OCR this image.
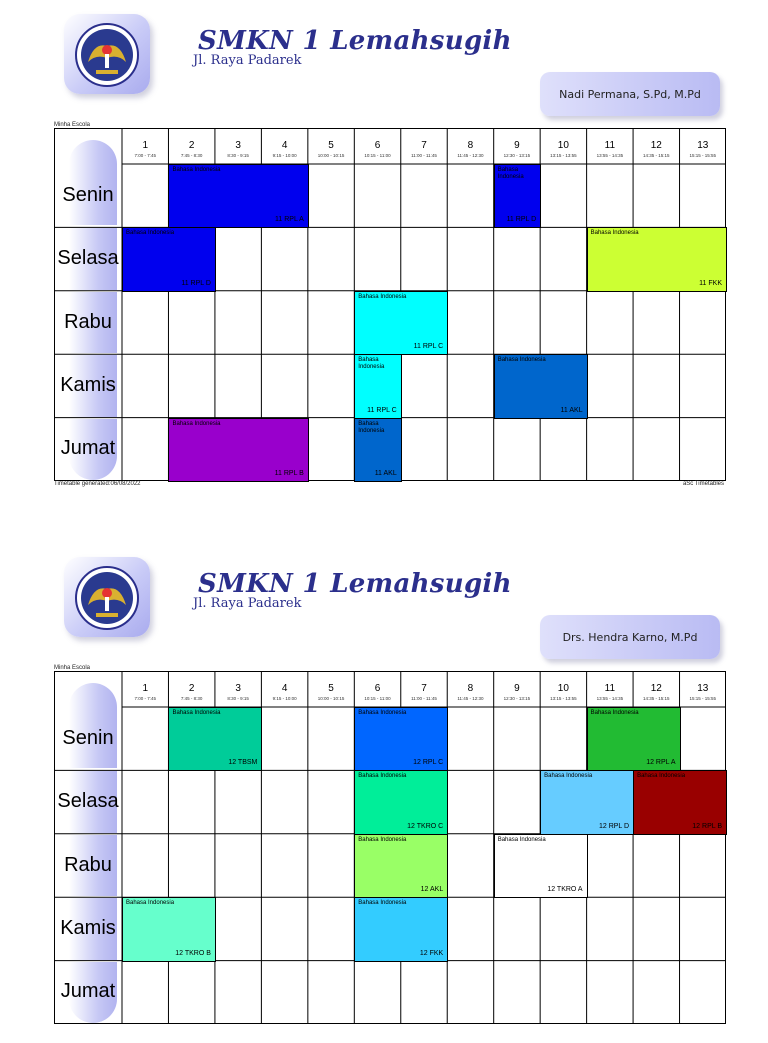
SMKN 1 Lemahsugih
Jl. Raya Padarek
Nadi Permana, S.Pd, M.Pd
Minha Escola
Senin
Selasa
Rabu
Kamis
Jumat
1
7:00 - 7:45
2
7:45 - 8:30
3
8:30 - 9:15
4
9:15 - 10:00
5
10:00 - 10:15
6
10:15 - 11:00
7
11:00 - 11:45
8
11:45 - 12:30
9
12:30 - 13:15
10
13:15 - 13:55
11
13:55 - 14:35
12
14:35 - 15:15
13
15:15 - 15:55
Bahasa Indonesia
11 RPL A
Bahasa Indonesia
11 RPL D
Bahasa Indonesia
11 RPL D
Bahasa Indonesia
11 FKK
Bahasa Indonesia
11 RPL C
Bahasa Indonesia
11 RPL C
Bahasa Indonesia
11 AKL
Bahasa Indonesia
11 RPL B
Bahasa Indonesia
11 AKL
Timetable generated:06/08/2022	aSc Timetables
SMKN 1 Lemahsugih
Jl. Raya Padarek
Drs. Hendra Karno, M.Pd
Minha Escola
Senin
Selasa
Rabu
Kamis
Jumat
1
7:00 - 7:45
2
7:45 - 8:30
3
8:30 - 9:15
4
9:15 - 10:00
5
10:00 - 10:15
6
10:15 - 11:00
7
11:00 - 11:45
8
11:45 - 12:30
9
12:30 - 13:15
10
13:15 - 13:55
11
13:55 - 14:35
12
14:35 - 15:15
13
15:15 - 15:55
Bahasa Indonesia
12 TBSM
Bahasa Indonesia
12 RPL C
Bahasa Indonesia
12 RPL A
Bahasa Indonesia
12 TKRO C
Bahasa Indonesia
12 RPL D
Bahasa Indonesia
12 RPL B
Bahasa Indonesia
12 AKL
Bahasa Indonesia
12 TKRO A
Bahasa Indonesia
12 TKRO B
Bahasa Indonesia
12 FKK
